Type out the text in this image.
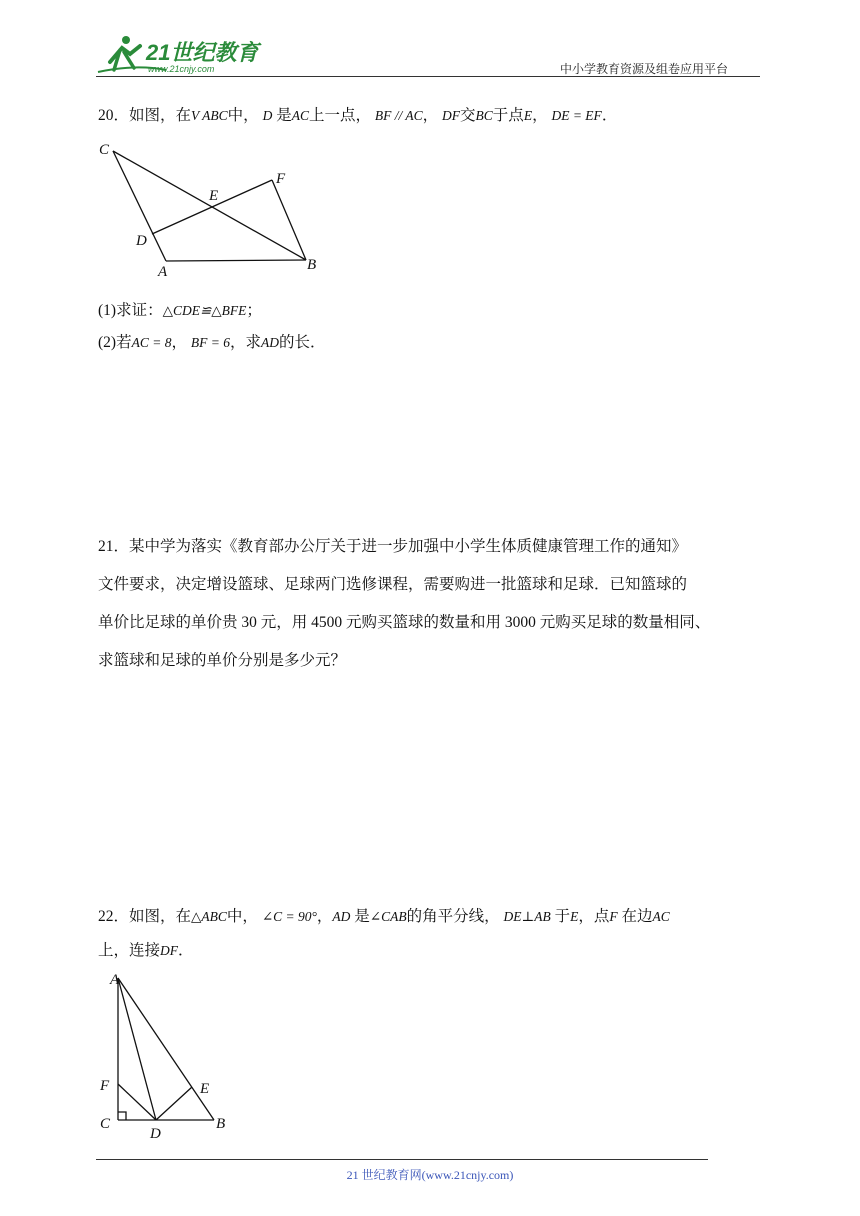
21世纪教育
www.21cnjy.com	中小学教育资源及组卷应用平台
20．如图，在V ABC中， D 是AC上一点， BF // AC， DF交BC于点E， DE = EF．
C
F
E
D
A	B
(1)求证：△CDE≌△BFE；
(2)若AC = 8， BF = 6，求AD的长．
21．某中学为落实《教育部办公厅关于进一步加强中小学生体质健康管理工作的通知》
文件要求，决定增设篮球、足球两门选修课程，需要购进一批篮球和足球．已知篮球的
单价比足球的单价贵 30 元，用 4500 元购买篮球的数量和用 3000 元购买足球的数量相同、
求篮球和足球的单价分别是多少元？
22．如图，在△ABC中， ∠C = 90°，AD 是∠CAB的角平分线， DE⊥AB 于E，点F 在边AC
上，连接DF．
A
F	E
C
D
B
21 世纪教育网(www.21cnjy.com)
